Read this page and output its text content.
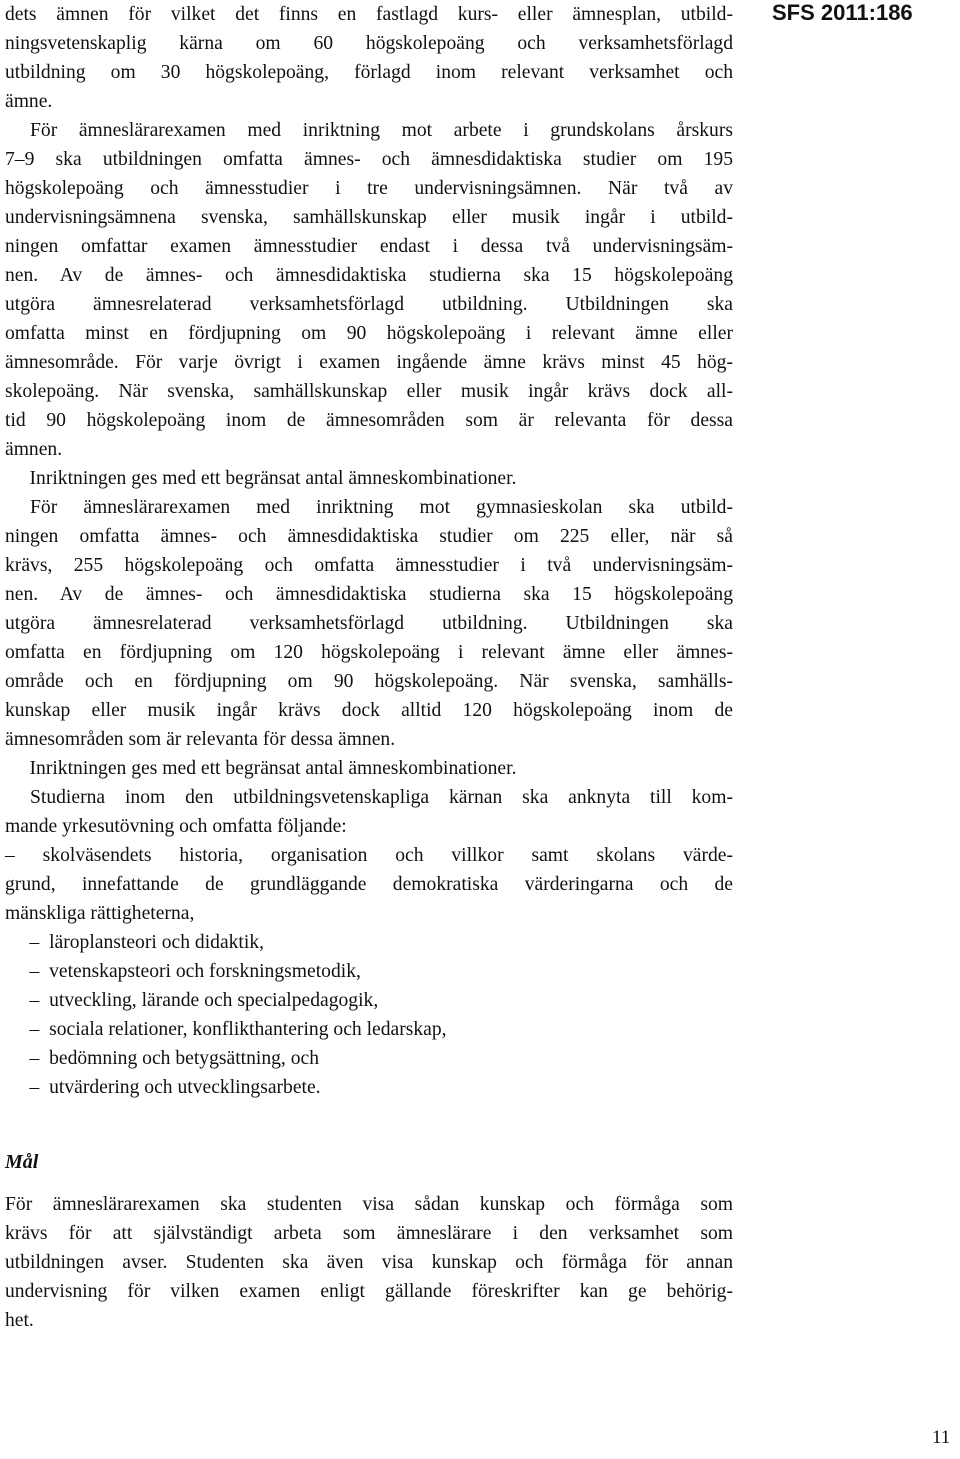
SFS 2011:186
dets ämnen för vilket det finns en fastlagd kurs- eller ämnesplan, utbild-
ningsvetenskaplig kärna om 60 högskolepoäng och verksamhetsförlagd
utbildning om 30 högskolepoäng, förlagd inom relevant verksamhet och
ämne.
För ämneslärarexamen med inriktning mot arbete i grundskolans årskurs
7–9 ska utbildningen omfatta ämnes- och ämnesdidaktiska studier om 195
högskolepoäng och ämnesstudier i tre undervisningsämnen. När två av
undervisningsämnena svenska, samhällskunskap eller musik ingår i utbild-
ningen omfattar examen ämnesstudier endast i dessa två undervisningsäm-
nen. Av de ämnes- och ämnesdidaktiska studierna ska 15 högskolepoäng
utgöra ämnesrelaterad verksamhetsförlagd utbildning. Utbildningen ska
omfatta minst en fördjupning om 90 högskolepoäng i relevant ämne eller
ämnesområde. För varje övrigt i examen ingående ämne krävs minst 45 hög-
skolepoäng. När svenska, samhällskunskap eller musik ingår krävs dock all-
tid 90 högskolepoäng inom de ämnesområden som är relevanta för dessa
ämnen.
Inriktningen ges med ett begränsat antal ämneskombinationer.
För ämneslärarexamen med inriktning mot gymnasieskolan ska utbild-
ningen omfatta ämnes- och ämnesdidaktiska studier om 225 eller, när så
krävs, 255 högskolepoäng och omfatta ämnesstudier i två undervisningsäm-
nen. Av de ämnes- och ämnesdidaktiska studierna ska 15 högskolepoäng
utgöra ämnesrelaterad verksamhetsförlagd utbildning. Utbildningen ska
omfatta en fördjupning om 120 högskolepoäng i relevant ämne eller ämnes-
område och en fördjupning om 90 högskolepoäng. När svenska, samhälls-
kunskap eller musik ingår krävs dock alltid 120 högskolepoäng inom de
ämnesområden som är relevanta för dessa ämnen.
Inriktningen ges med ett begränsat antal ämneskombinationer.
Studierna inom den utbildningsvetenskapliga kärnan ska anknyta till kom-
mande yrkesutövning och omfatta följande:
– skolväsendets historia, organisation och villkor samt skolans värde-
grund, innefattande de grundläggande demokratiska värderingarna och de
mänskliga rättigheterna,
–  läroplansteori och didaktik,
–  vetenskapsteori och forskningsmetodik,
–  utveckling, lärande och specialpedagogik,
–  sociala relationer, konflikthantering och ledarskap,
–  bedömning och betygsättning, och
–  utvärdering och utvecklingsarbete.
Mål
För ämneslärarexamen ska studenten visa sådan kunskap och förmåga som
krävs för att självständigt arbeta som ämneslärare i den verksamhet som
utbildningen avser. Studenten ska även visa kunskap och förmåga för annan
undervisning för vilken examen enligt gällande föreskrifter kan ge behörig-
het.
11
